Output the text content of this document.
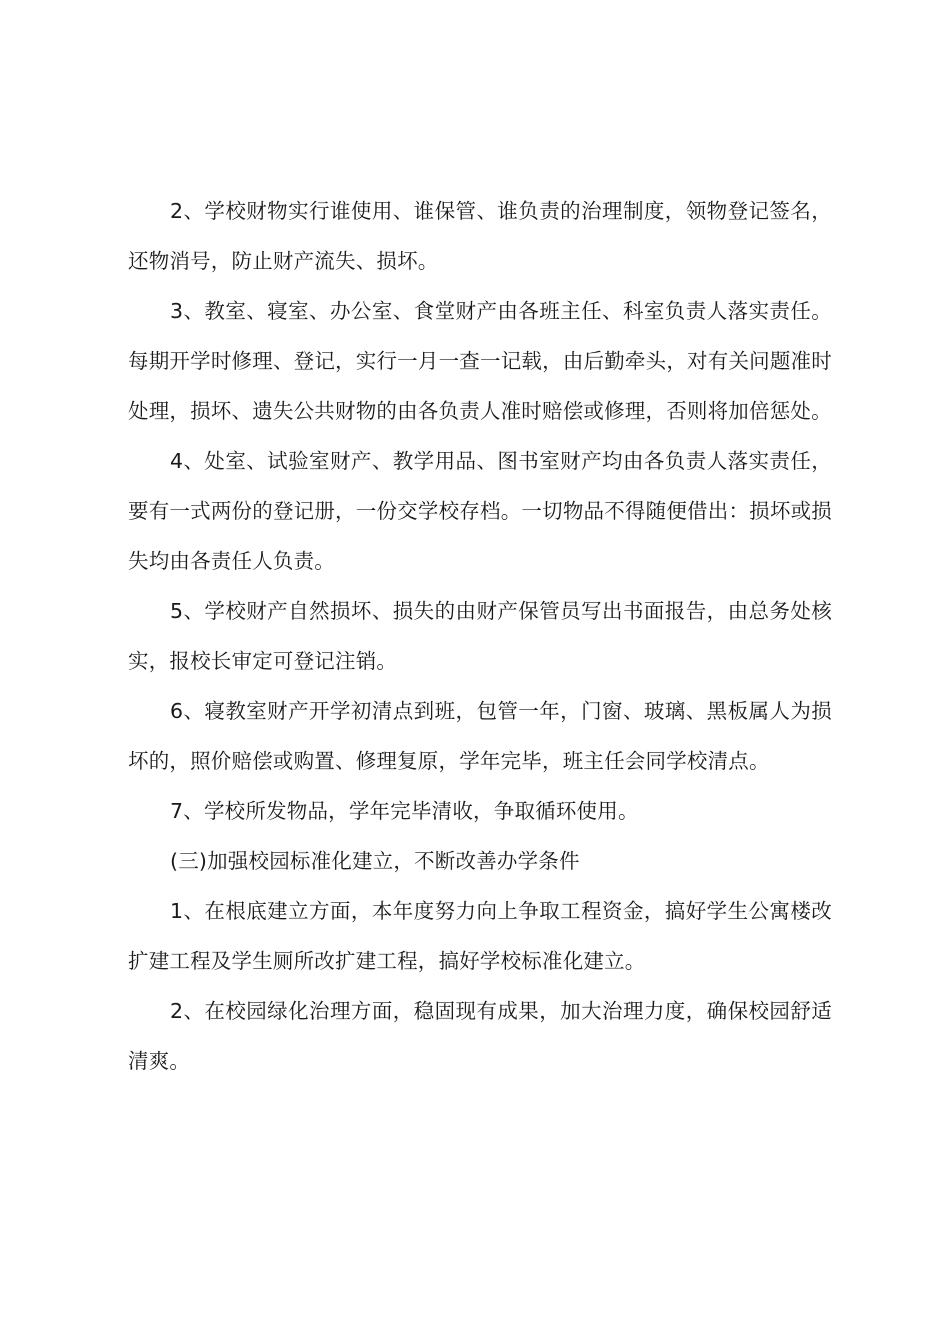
2、学校财物实行谁使用、谁保管、谁负责的治理制度，领物登记签名，还物消号，防止财产流失、损坏。

3、教室、寝室、办公室、食堂财产由各班主任、科室负责人落实责任。每期开学时修理、登记，实行一月一查一记载，由后勤牵头，对有关问题准时处理，损坏、遗失公共财物的由各负责人准时赔偿或修理，否则将加倍惩处。

4、处室、试验室财产、教学用品、图书室财产均由各负责人落实责任，要有一式两份的登记册，一份交学校存档。一切物品不得随便借出：损坏或损失均由各责任人负责。

5、学校财产自然损坏、损失的由财产保管员写出书面报告，由总务处核实，报校长审定可登记注销。

6、寝教室财产开学初清点到班，包管一年，门窗、玻璃、黑板属人为损坏的，照价赔偿或购置、修理复原，学年完毕，班主任会同学校清点。

7、学校所发物品，学年完毕清收，争取循环使用。

(三)加强校园标准化建立，不断改善办学条件

1、在根底建立方面，本年度努力向上争取工程资金，搞好学生公寓楼改扩建工程及学生厕所改扩建工程，搞好学校标准化建立。

2、在校园绿化治理方面，稳固现有成果，加大治理力度，确保校园舒适清爽。
